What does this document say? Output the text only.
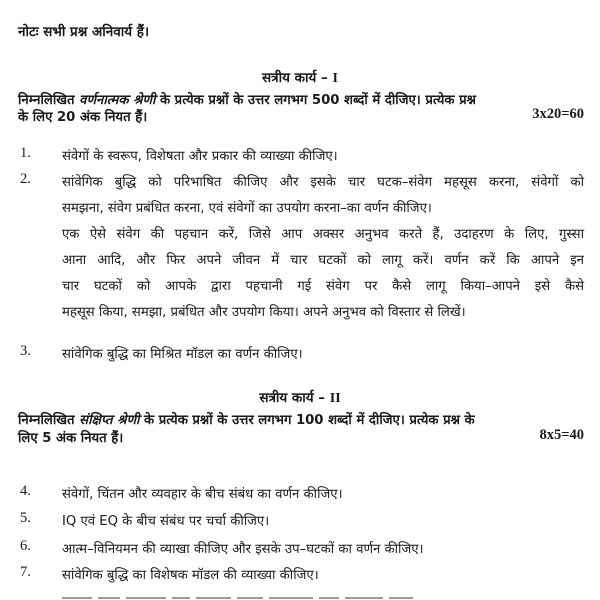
नोटः सभी प्रश्न अनिवार्य हैं।
सत्रीय कार्य – I
निम्नलिखित वर्णनात्मक श्रेणी के प्रत्येक प्रश्नों के उत्तर लगभग 500 शब्दों में दीजिए। प्रत्येक प्रश्न
के लिए 20 अंक नियत हैं।	3x20=60
1. संवेगों के स्वरूप, विशेषता और प्रकार की व्याख्या कीजिए।
2. सांवेगिक बुद्धि को परिभाषित कीजिए और इसके चार घटक–संवेग महसूस करना, संवेगों को
समझना, संवेग प्रबंधित करना, एवं संवेगों का उपयोग करना–का वर्णन कीजिए।
एक ऐसे संवेग की पहचान करें, जिसे आप अक्सर अनुभव करते हैं, उदाहरण के लिए, गुस्सा
आना आदि, और फिर अपने जीवन में चार घटकों को लागू करें। वर्णन करें कि आपने इन
चार घटकों को आपके द्वारा पहचानी गई संवेग पर कैसे लागू किया–आपने इसे कैसे
महसूस किया, समझा, प्रबंधित और उपयोग किया। अपने अनुभव को विस्तार से लिखें।
3. सांवेगिक बुद्धि का मिश्रित मॉडल का वर्णन कीजिए।
सत्रीय कार्य – II
निम्नलिखित संक्षिप्त श्रेणी के प्रत्येक प्रश्नों के उत्तर लगभग 100 शब्दों में दीजिए। प्रत्येक प्रश्न के
लिए 5 अंक नियत हैं।	8x5=40
4. संवेगों, चिंतन और व्यवहार के बीच संबंध का वर्णन कीजिए।
5. IQ एवं EQ के बीच संबंध पर चर्चा कीजिए।
6. आत्म–विनियमन की व्याखा कीजिए और इसके उप–घटकों का वर्णन कीजिए।
7. सांवेगिक बुद्धि का विशेषक मॉडल की व्याख्या कीजिए।
